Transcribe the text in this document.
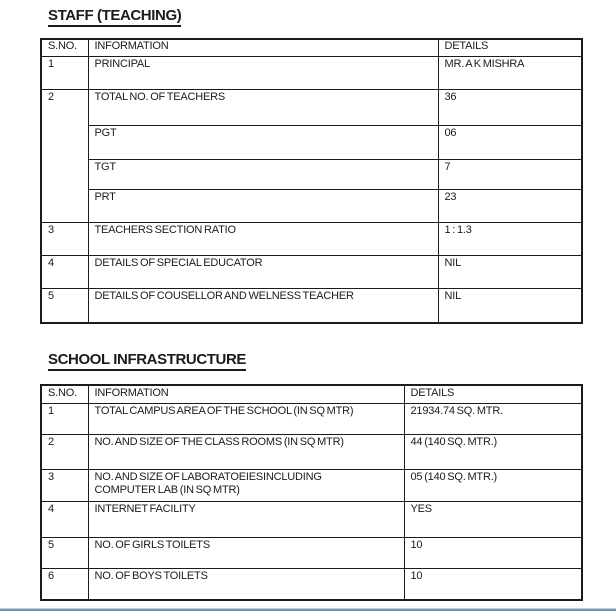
STAFF (TEACHING)
S.NO.	INFORMATION	DETAILS
1	PRINCIPAL	MR. A K MISHRA
2	TOTAL NO. OF TEACHERS	36
	PGT	06
	TGT	7
	PRT	23
3	TEACHERS SECTION RATIO	1 : 1.3
4	DETAILS OF SPECIAL EDUCATOR	NIL
5	DETAILS OF COUSELLOR AND WELNESS TEACHER	NIL
SCHOOL INFRASTRUCTURE
S.NO.	INFORMATION	DETAILS
1	TOTAL CAMPUS AREA OF THE SCHOOL (IN SQ MTR)	21934.74 SQ. MTR.
2	NO. AND SIZE OF THE CLASS ROOMS (IN SQ MTR)	44 (140 SQ. MTR.)
3	NO. AND SIZE OF LABORATOEIESINCLUDING
COMPUTER LAB (IN SQ MTR)	05 (140 SQ. MTR.)
4	INTERNET FACILITY	YES
5	NO. OF GIRLS TOILETS	10
6	NO. OF BOYS TOILETS	10
